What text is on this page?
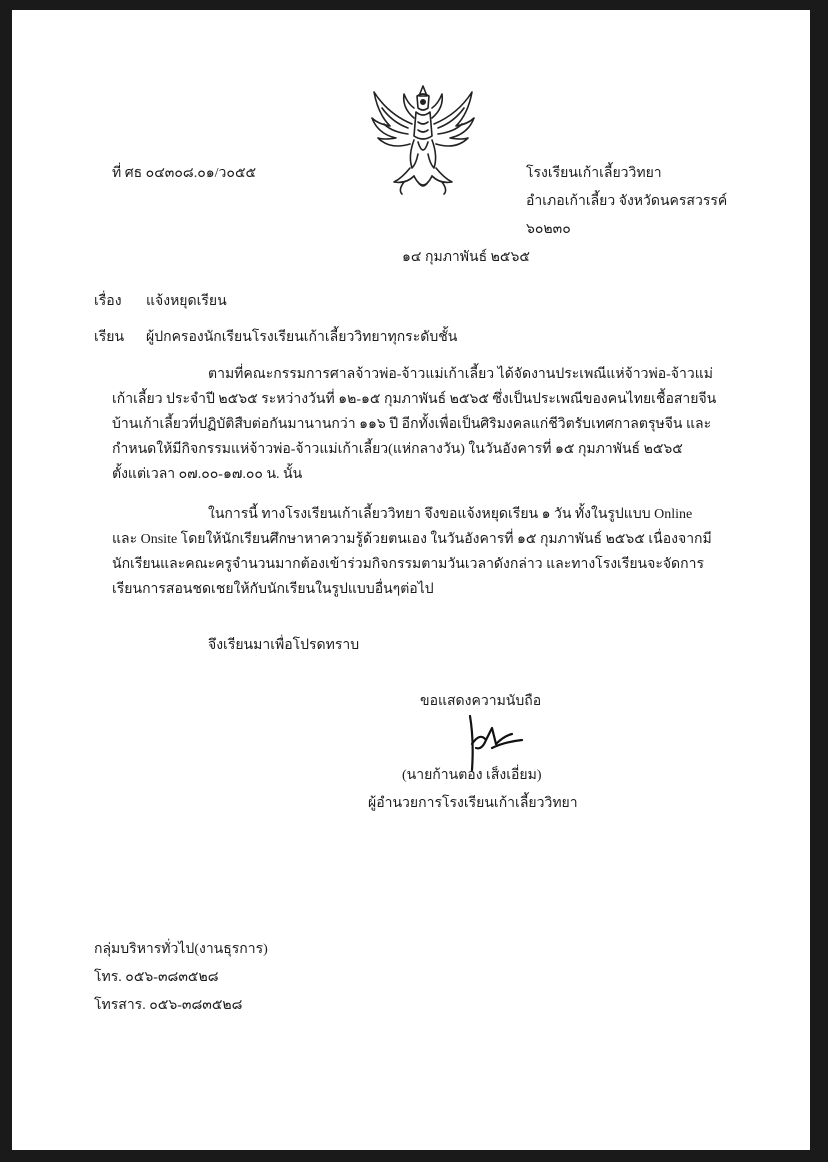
ที่ ศธ ๐๔๓๐๘.๐๑/ว๐๕๕	โรงเรียนเก้าเลี้ยววิทยา
อำเภอเก้าเลี้ยว จังหวัดนครสวรรค์
๖๐๒๓๐
๑๔ กุมภาพันธ์ ๒๕๖๕
เรื่อง แจ้งหยุดเรียน
เรียน ผู้ปกครองนักเรียนโรงเรียนเก้าเลี้ยววิทยาทุกระดับชั้น

ตามที่คณะกรรมการศาลจ้าวพ่อ-จ้าวแม่เก้าเลี้ยว ได้จัดงานประเพณีแห่จ้าวพ่อ-จ้าวแม่เก้าเลี้ยว ประจำปี ๒๕๖๕ ระหว่างวันที่ ๑๒-๑๕ กุมภาพันธ์ ๒๕๖๕ ซึ่งเป็นประเพณีของคนไทยเชื้อสายจีนบ้านเก้าเลี้ยวที่ปฏิบัติสืบต่อกันมานานกว่า ๑๑๖ ปี อีกทั้งเพื่อเป็นศิริมงคลแก่ชีวิตรับเทศกาลตรุษจีน และกำหนดให้มีกิจกรรมแห่จ้าวพ่อ-จ้าวแม่เก้าเลี้ยว(แห่กลางวัน) ในวันอังคารที่ ๑๕ กุมภาพันธ์ ๒๕๖๕ ตั้งแต่เวลา ๐๗.๐๐-๑๗.๐๐ น. นั้น

ในการนี้ ทางโรงเรียนเก้าเลี้ยววิทยา จึงขอแจ้งหยุดเรียน ๑ วัน ทั้งในรูปแบบ Online และ Onsite โดยให้นักเรียนศึกษาหาความรู้ด้วยตนเอง ในวันอังคารที่ ๑๕ กุมภาพันธ์ ๒๕๖๕ เนื่องจากมีนักเรียนและคณะครูจำนวนมากต้องเข้าร่วมกิจกรรมตามวันเวลาดังกล่าว และทางโรงเรียนจะจัดการเรียนการสอนชดเชยให้กับนักเรียนในรูปแบบอื่นๆต่อไป

จึงเรียนมาเพื่อโปรดทราบ
ขอแสดงความนับถือ
(นายก้านตอง เส็งเอี่ยม)
ผู้อำนวยการโรงเรียนเก้าเลี้ยววิทยา
กลุ่มบริหารทั่วไป(งานธุรการ)
โทร. ๐๕๖-๓๘๓๕๒๘
โทรสาร. ๐๕๖-๓๘๓๕๒๘
